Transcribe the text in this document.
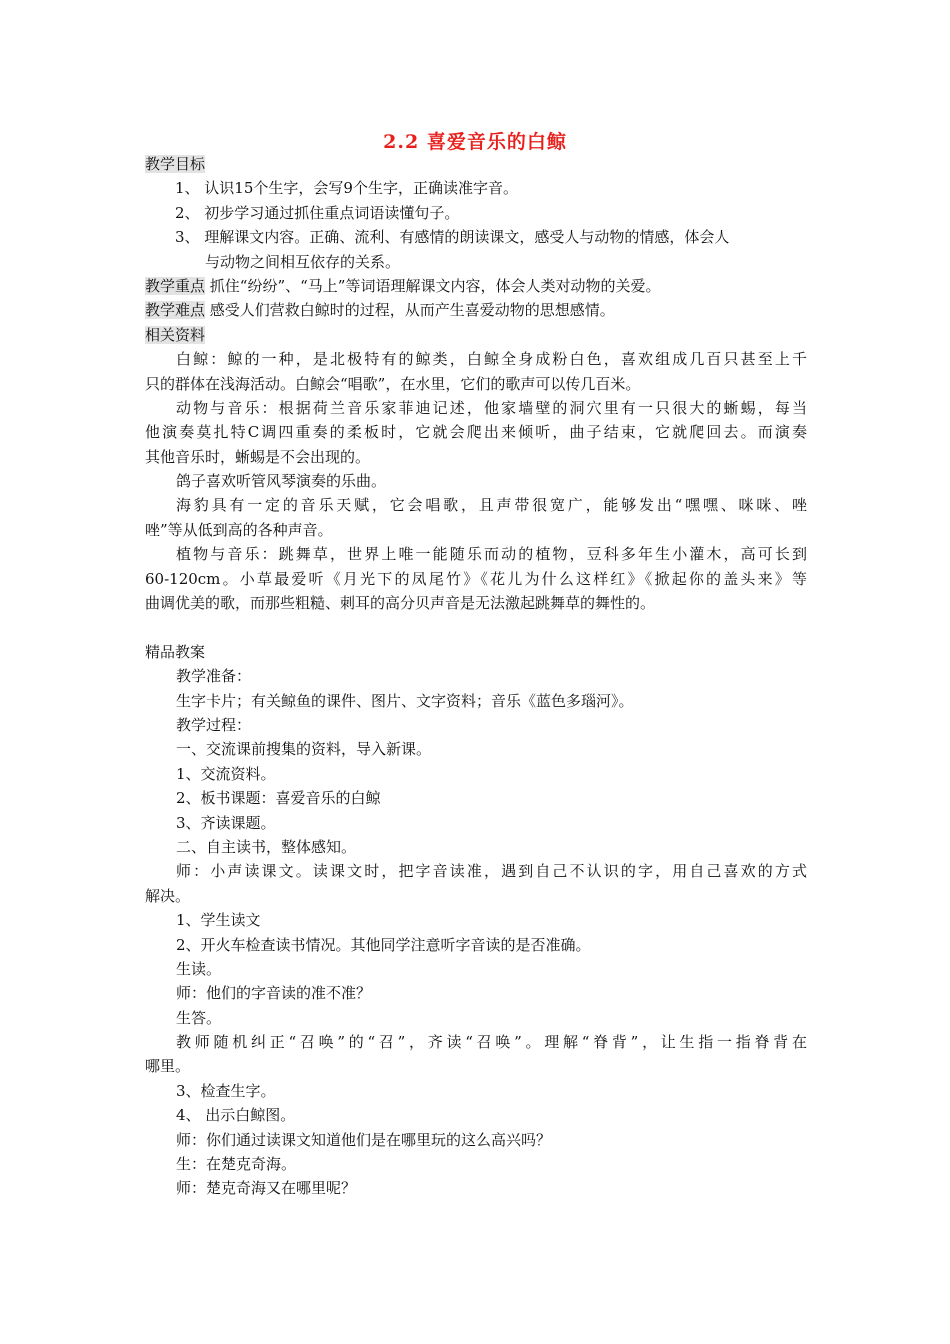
2.2 喜爱音乐的白鲸
教学目标
1、 认识15个生字，会写9个生字，正确读准字音。
2、 初步学习通过抓住重点词语读懂句子。
3、 理解课文内容。正确、流利、有感情的朗读课文，感受人与动物的情感，体会人
与动物之间相互依存的关系。
教学重点 抓住“纷纷”、“马上”等词语理解课文内容，体会人类对动物的关爱。
教学难点 感受人们营救白鲸时的过程，从而产生喜爱动物的思想感情。
相关资料
白鲸：鲸的一种，是北极特有的鲸类，白鲸全身成粉白色，喜欢组成几百只甚至上千
只的群体在浅海活动。白鲸会“唱歌”，在水里，它们的歌声可以传几百米。
动物与音乐：根据荷兰音乐家菲迪记述，他家墙壁的洞穴里有一只很大的蜥蜴，每当
他演奏莫扎特C调四重奏的柔板时，它就会爬出来倾听，曲子结束，它就爬回去。而演奏
其他音乐时，蜥蜴是不会出现的。
鸽子喜欢听管风琴演奏的乐曲。
海豹具有一定的音乐天赋，它会唱歌，且声带很宽广，能够发出“嘿嘿、咪咪、唑
唑”等从低到高的各种声音。
植物与音乐：跳舞草，世界上唯一能随乐而动的植物，豆科多年生小灌木，高可长到
60-120cm。小草最爱听《月光下的凤尾竹》《花儿为什么这样红》《掀起你的盖头来》等
曲调优美的歌，而那些粗糙、刺耳的高分贝声音是无法激起跳舞草的舞性的。
精品教案
教学准备：
生字卡片；有关鲸鱼的课件、图片、文字资料；音乐《蓝色多瑙河》。
教学过程：
一、交流课前搜集的资料，导入新课。
1、交流资料。
2、板书课题：喜爱音乐的白鲸
3、齐读课题。
二、自主读书，整体感知。
师：小声读课文。读课文时，把字音读准，遇到自己不认识的字，用自己喜欢的方式
解决。
1、学生读文
2、开火车检查读书情况。其他同学注意听字音读的是否准确。
生读。
师：他们的字音读的准不准？
生答。
教师随机纠正“召唤”的“召”，齐读“召唤”。理解“脊背”，让生指一指脊背在
哪里。
3、检查生字。
4、 出示白鲸图。
师：你们通过读课文知道他们是在哪里玩的这么高兴吗？
生：在楚克奇海。
师：楚克奇海又在哪里呢？
